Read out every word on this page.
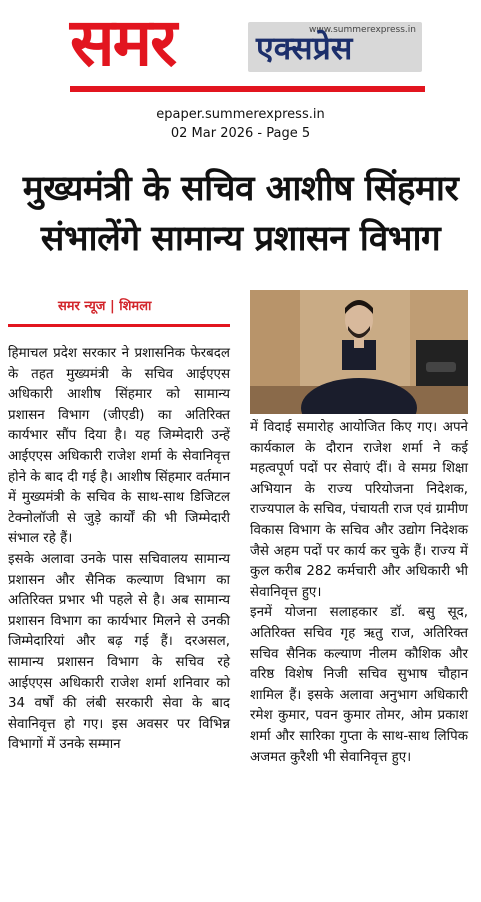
समर	www.summerexpress.in
एक्सप्रेस
epaper.summerexpress.in
02 Mar 2026 - Page 5
मुख्यमंत्री के सचिव आशीष सिंहमार
संभालेंगे सामान्य प्रशासन विभाग
समर न्यूज | शिमला

हिमाचल प्रदेश सरकार ने प्रशासनिक फेरबदल के तहत मुख्यमंत्री के सचिव आईएएस अधिकारी आशीष सिंहमार को सामान्य प्रशासन विभाग (जीएडी) का अतिरिक्त कार्यभार सौंप दिया है। यह जिम्मेदारी उन्हें आईएएस अधिकारी राजेश शर्मा के सेवानिवृत्त होने के बाद दी गई है। आशीष सिंहमार वर्तमान में मुख्यमंत्री के सचिव के साथ-साथ डिजिटल टेक्नोलॉजी से जुड़े कार्यों की भी जिम्मेदारी संभाल रहे हैं।

इसके अलावा उनके पास सचिवालय सामान्य प्रशासन और सैनिक कल्याण विभाग का अतिरिक्त प्रभार भी पहले से है। अब सामान्य प्रशासन विभाग का कार्यभार मिलने से उनकी जिम्मेदारियां और बढ़ गई हैं। दरअसल, सामान्य प्रशासन विभाग के सचिव रहे आईएएस अधिकारी राजेश शर्मा शनिवार को 34 वर्षों की लंबी सरकारी सेवा के बाद सेवानिवृत्त हो गए। इस अवसर पर विभिन्न विभागों में उनके सम्मान

में विदाई समारोह आयोजित किए गए। अपने कार्यकाल के दौरान राजेश शर्मा ने कई महत्वपूर्ण पदों पर सेवाएं दीं। वे समग्र शिक्षा अभियान के राज्य परियोजना निदेशक, राज्यपाल के सचिव, पंचायती राज एवं ग्रामीण विकास विभाग के सचिव और उद्योग निदेशक जैसे अहम पदों पर कार्य कर चुके हैं। राज्य में कुल करीब 282 कर्मचारी और अधिकारी भी सेवानिवृत्त हुए।

इनमें योजना सलाहकार डॉ. बसु सूद, अतिरिक्त सचिव गृह ऋतु राज, अतिरिक्त सचिव सैनिक कल्याण नीलम कौशिक और वरिष्ठ विशेष निजी सचिव सुभाष चौहान शामिल हैं। इसके अलावा अनुभाग अधिकारी रमेश कुमार, पवन कुमार तोमर, ओम प्रकाश शर्मा और सारिका गुप्ता के साथ-साथ लिपिक अजमत कुरैशी भी सेवानिवृत्त हुए।
